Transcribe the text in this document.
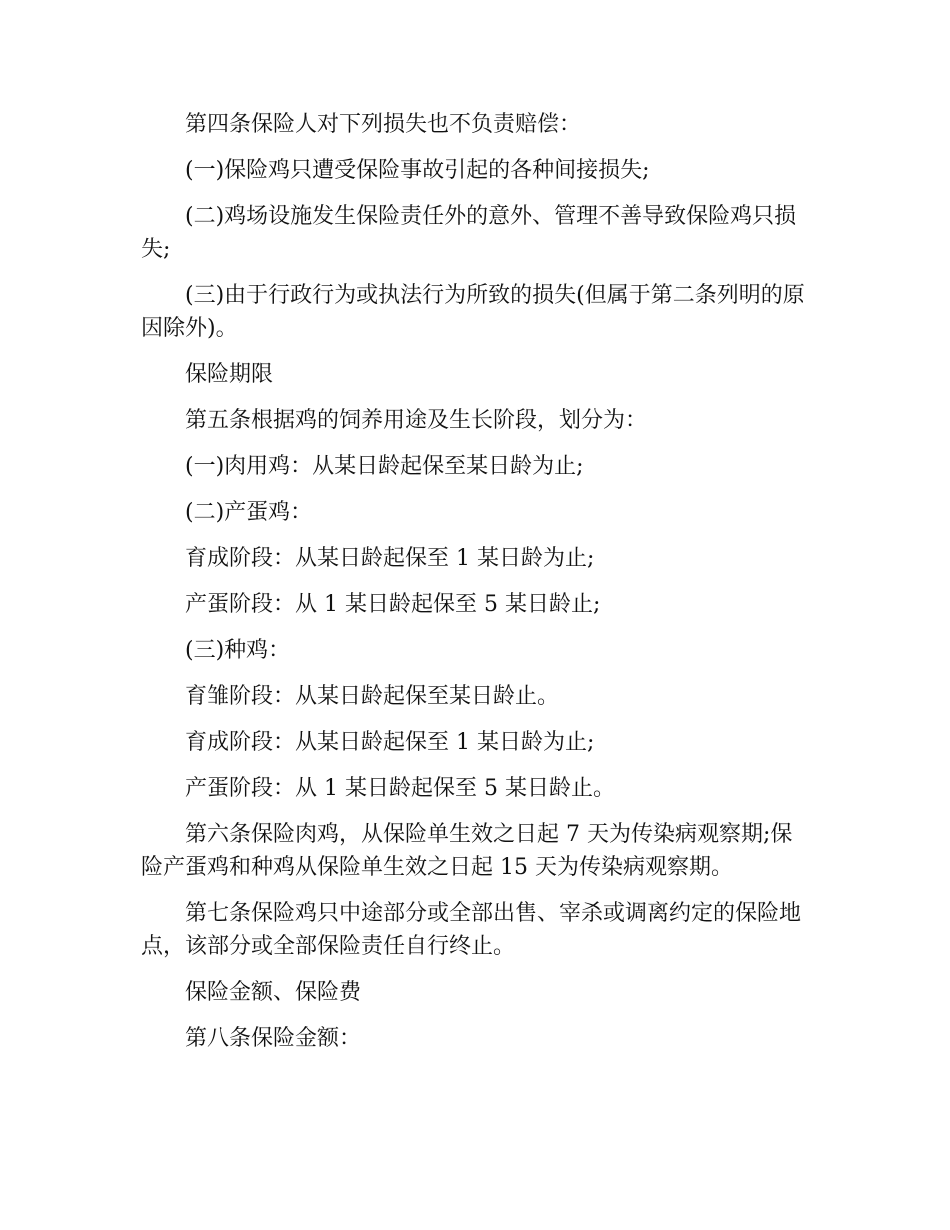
第四条保险人对下列损失也不负责赔偿：

(一)保险鸡只遭受保险事故引起的各种间接损失;

(二)鸡场设施发生保险责任外的意外、管理不善导致保险鸡只损失;

(三)由于行政行为或执法行为所致的损失(但属于第二条列明的原因除外)。

保险期限

第五条根据鸡的饲养用途及生长阶段，划分为：

(一)肉用鸡：从某日龄起保至某日龄为止;

(二)产蛋鸡：

育成阶段：从某日龄起保至 1 某日龄为止;

产蛋阶段：从 1 某日龄起保至 5 某日龄止;

(三)种鸡：

育雏阶段：从某日龄起保至某日龄止。

育成阶段：从某日龄起保至 1 某日龄为止;

产蛋阶段：从 1 某日龄起保至 5 某日龄止。

第六条保险肉鸡，从保险单生效之日起 7 天为传染病观察期;保险产蛋鸡和种鸡从保险单生效之日起 15 天为传染病观察期。

第七条保险鸡只中途部分或全部出售、宰杀或调离约定的保险地点，该部分或全部保险责任自行终止。

保险金额、保险费

第八条保险金额：
